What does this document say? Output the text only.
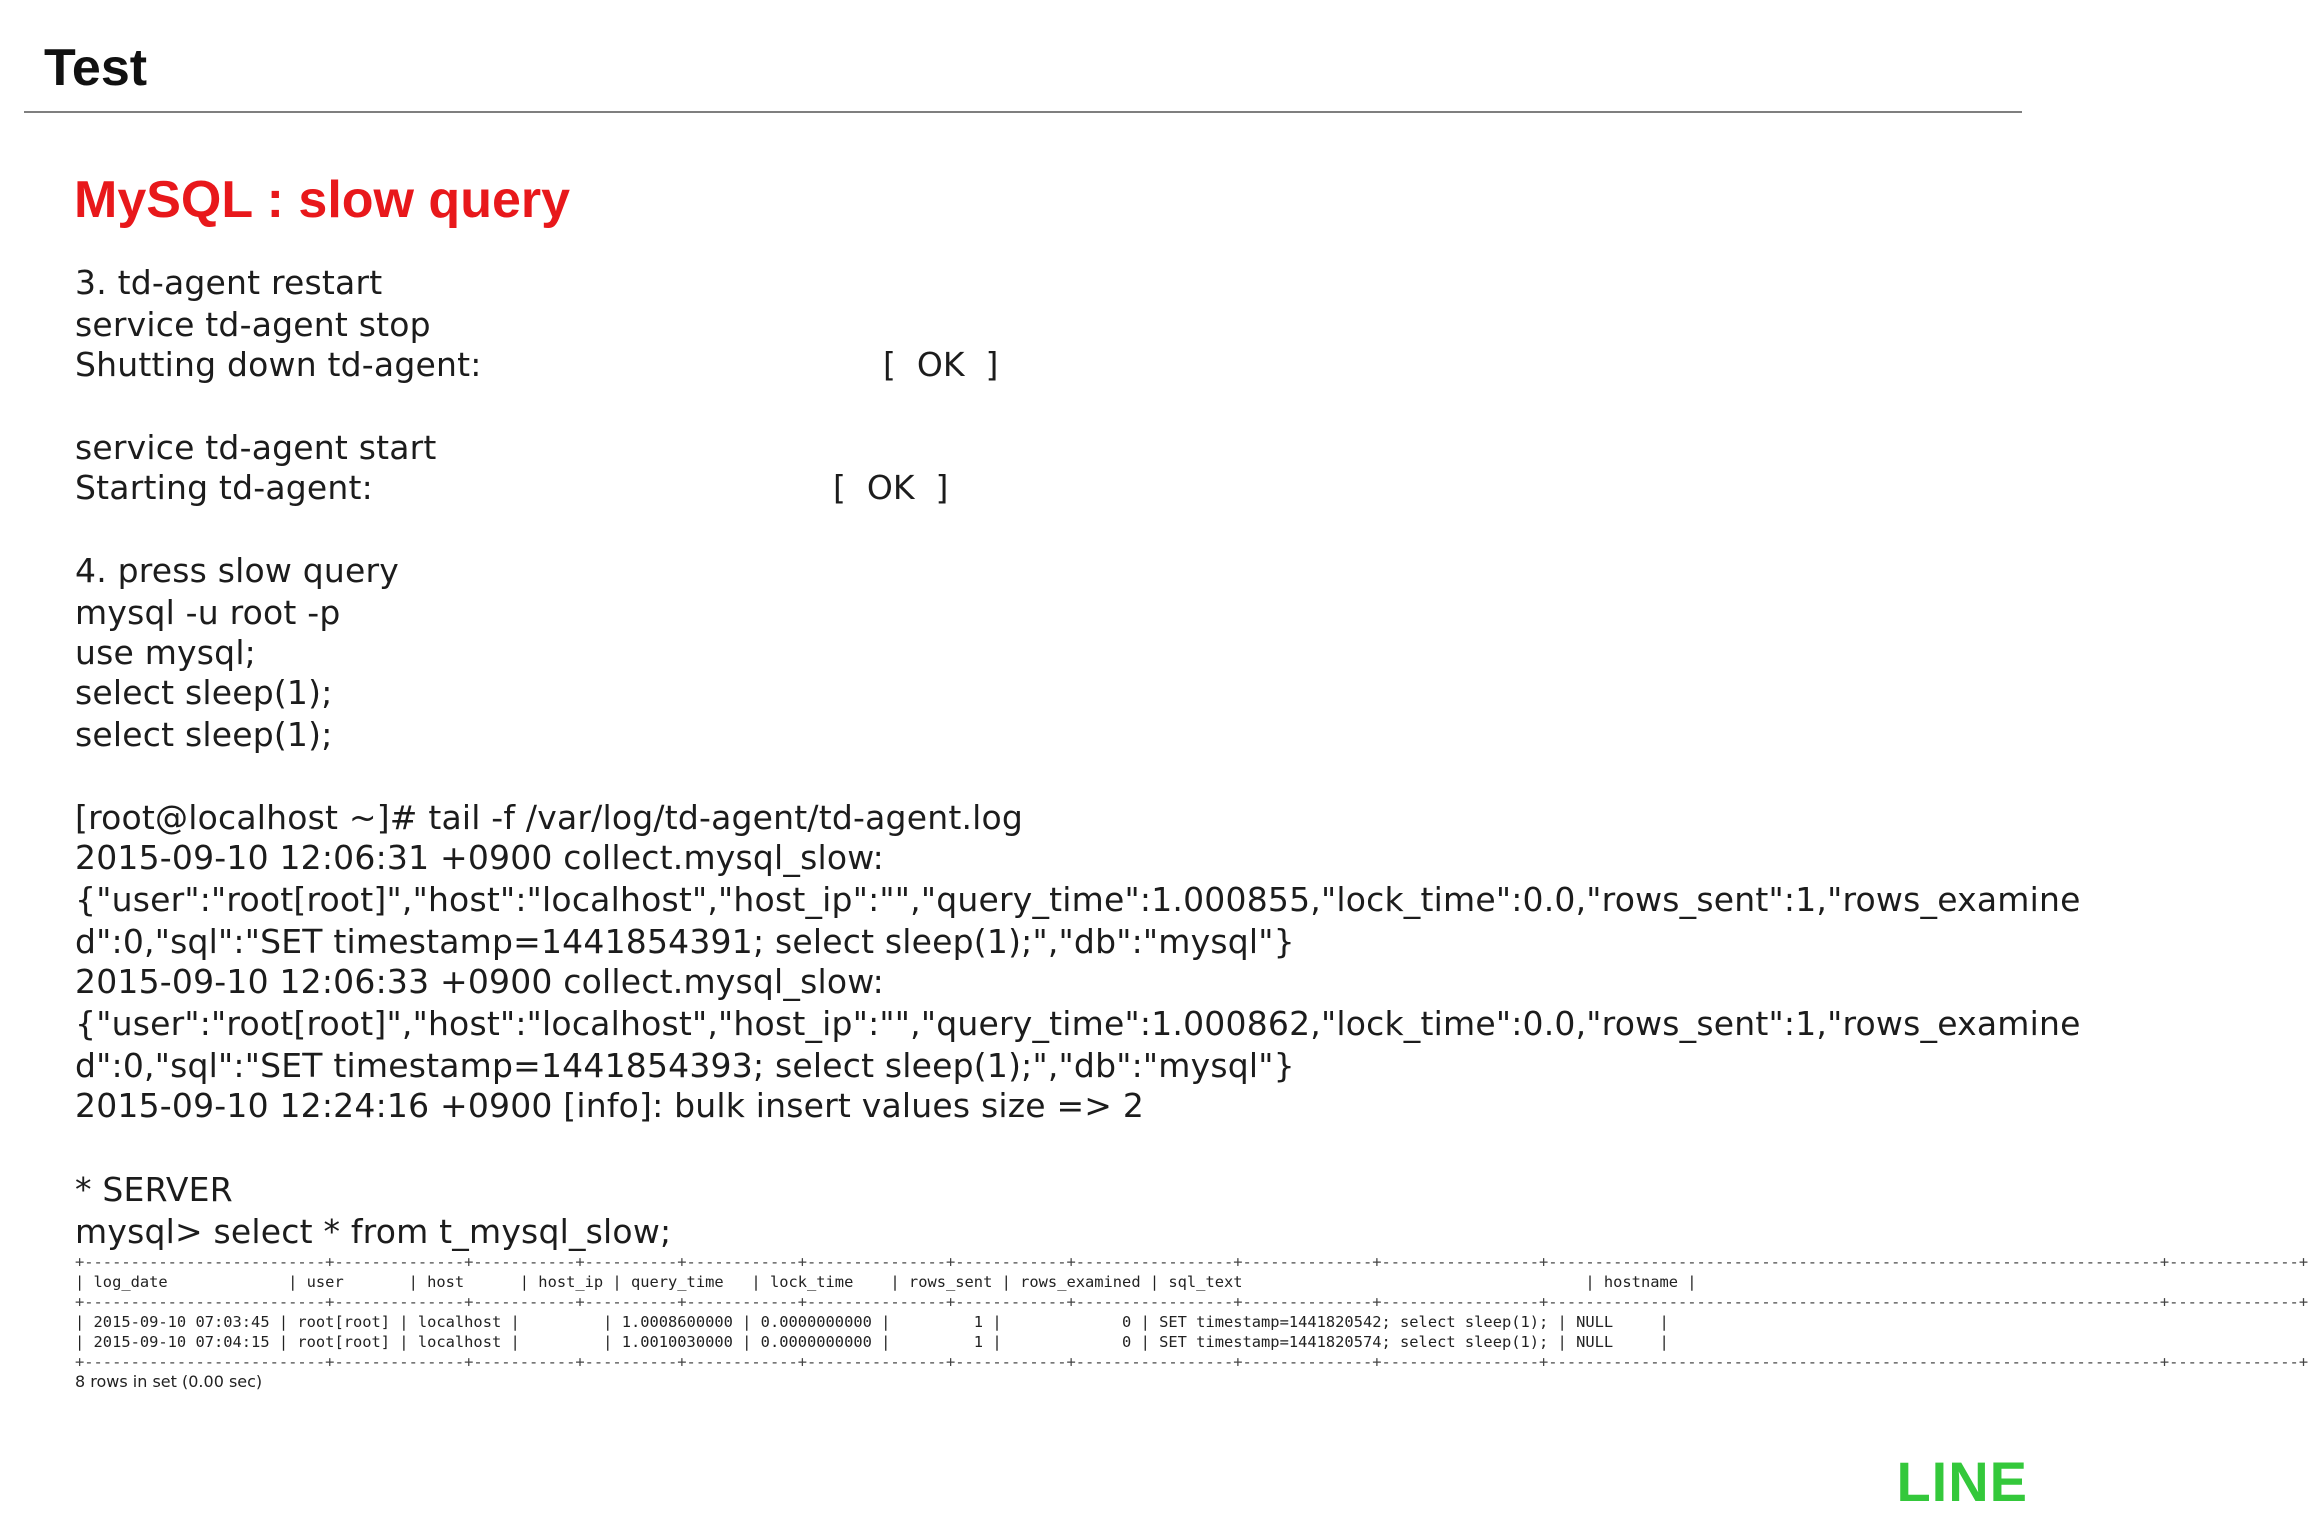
Test
MySQL : slow query
3. td-agent restart
service td-agent stop
Shutting down td-agent:	[  OK  ]
service td-agent start
Starting td-agent:	[  OK  ]
4. press slow query
mysql -u root -p
use mysql;
select sleep(1);
select sleep(1);
[root@localhost ~]# tail -f /var/log/td-agent/td-agent.log
2015-09-10 12:06:31 +0900 collect.mysql_slow:
{"user":"root[root]","host":"localhost","host_ip":"","query_time":1.000855,"lock_time":0.0,"rows_sent":1,"rows_examine
d":0,"sql":"SET timestamp=1441854391; select sleep(1);","db":"mysql"}
2015-09-10 12:06:33 +0900 collect.mysql_slow:
{"user":"root[root]","host":"localhost","host_ip":"","query_time":1.000862,"lock_time":0.0,"rows_sent":1,"rows_examine
d":0,"sql":"SET timestamp=1441854393; select sleep(1);","db":"mysql"}
2015-09-10 12:24:16 +0900 [info]: bulk insert values size => 2
* SERVER
mysql> select * from t_mysql_slow;
+--------------------------+--------------+-----------+----------+------------+---------------+------------+-----------------+--------------+-----------------+------------------------------------------------------------------+--------------+
| log_date             | user       | host      | host_ip | query_time   | lock_time    | rows_sent | rows_examined | sql_text                                     | hostname |
+--------------------------+--------------+-----------+----------+------------+---------------+------------+-----------------+--------------+-----------------+------------------------------------------------------------------+--------------+
| 2015-09-10 07:03:45 | root[root] | localhost |         | 1.0008600000 | 0.0000000000 |         1 |             0 | SET timestamp=1441820542; select sleep(1); | NULL     |
| 2015-09-10 07:04:15 | root[root] | localhost |         | 1.0010030000 | 0.0000000000 |         1 |             0 | SET timestamp=1441820574; select sleep(1); | NULL     |
+--------------------------+--------------+-----------+----------+------------+---------------+------------+-----------------+--------------+-----------------+------------------------------------------------------------------+--------------+
8 rows in set (0.00 sec)
LINE
